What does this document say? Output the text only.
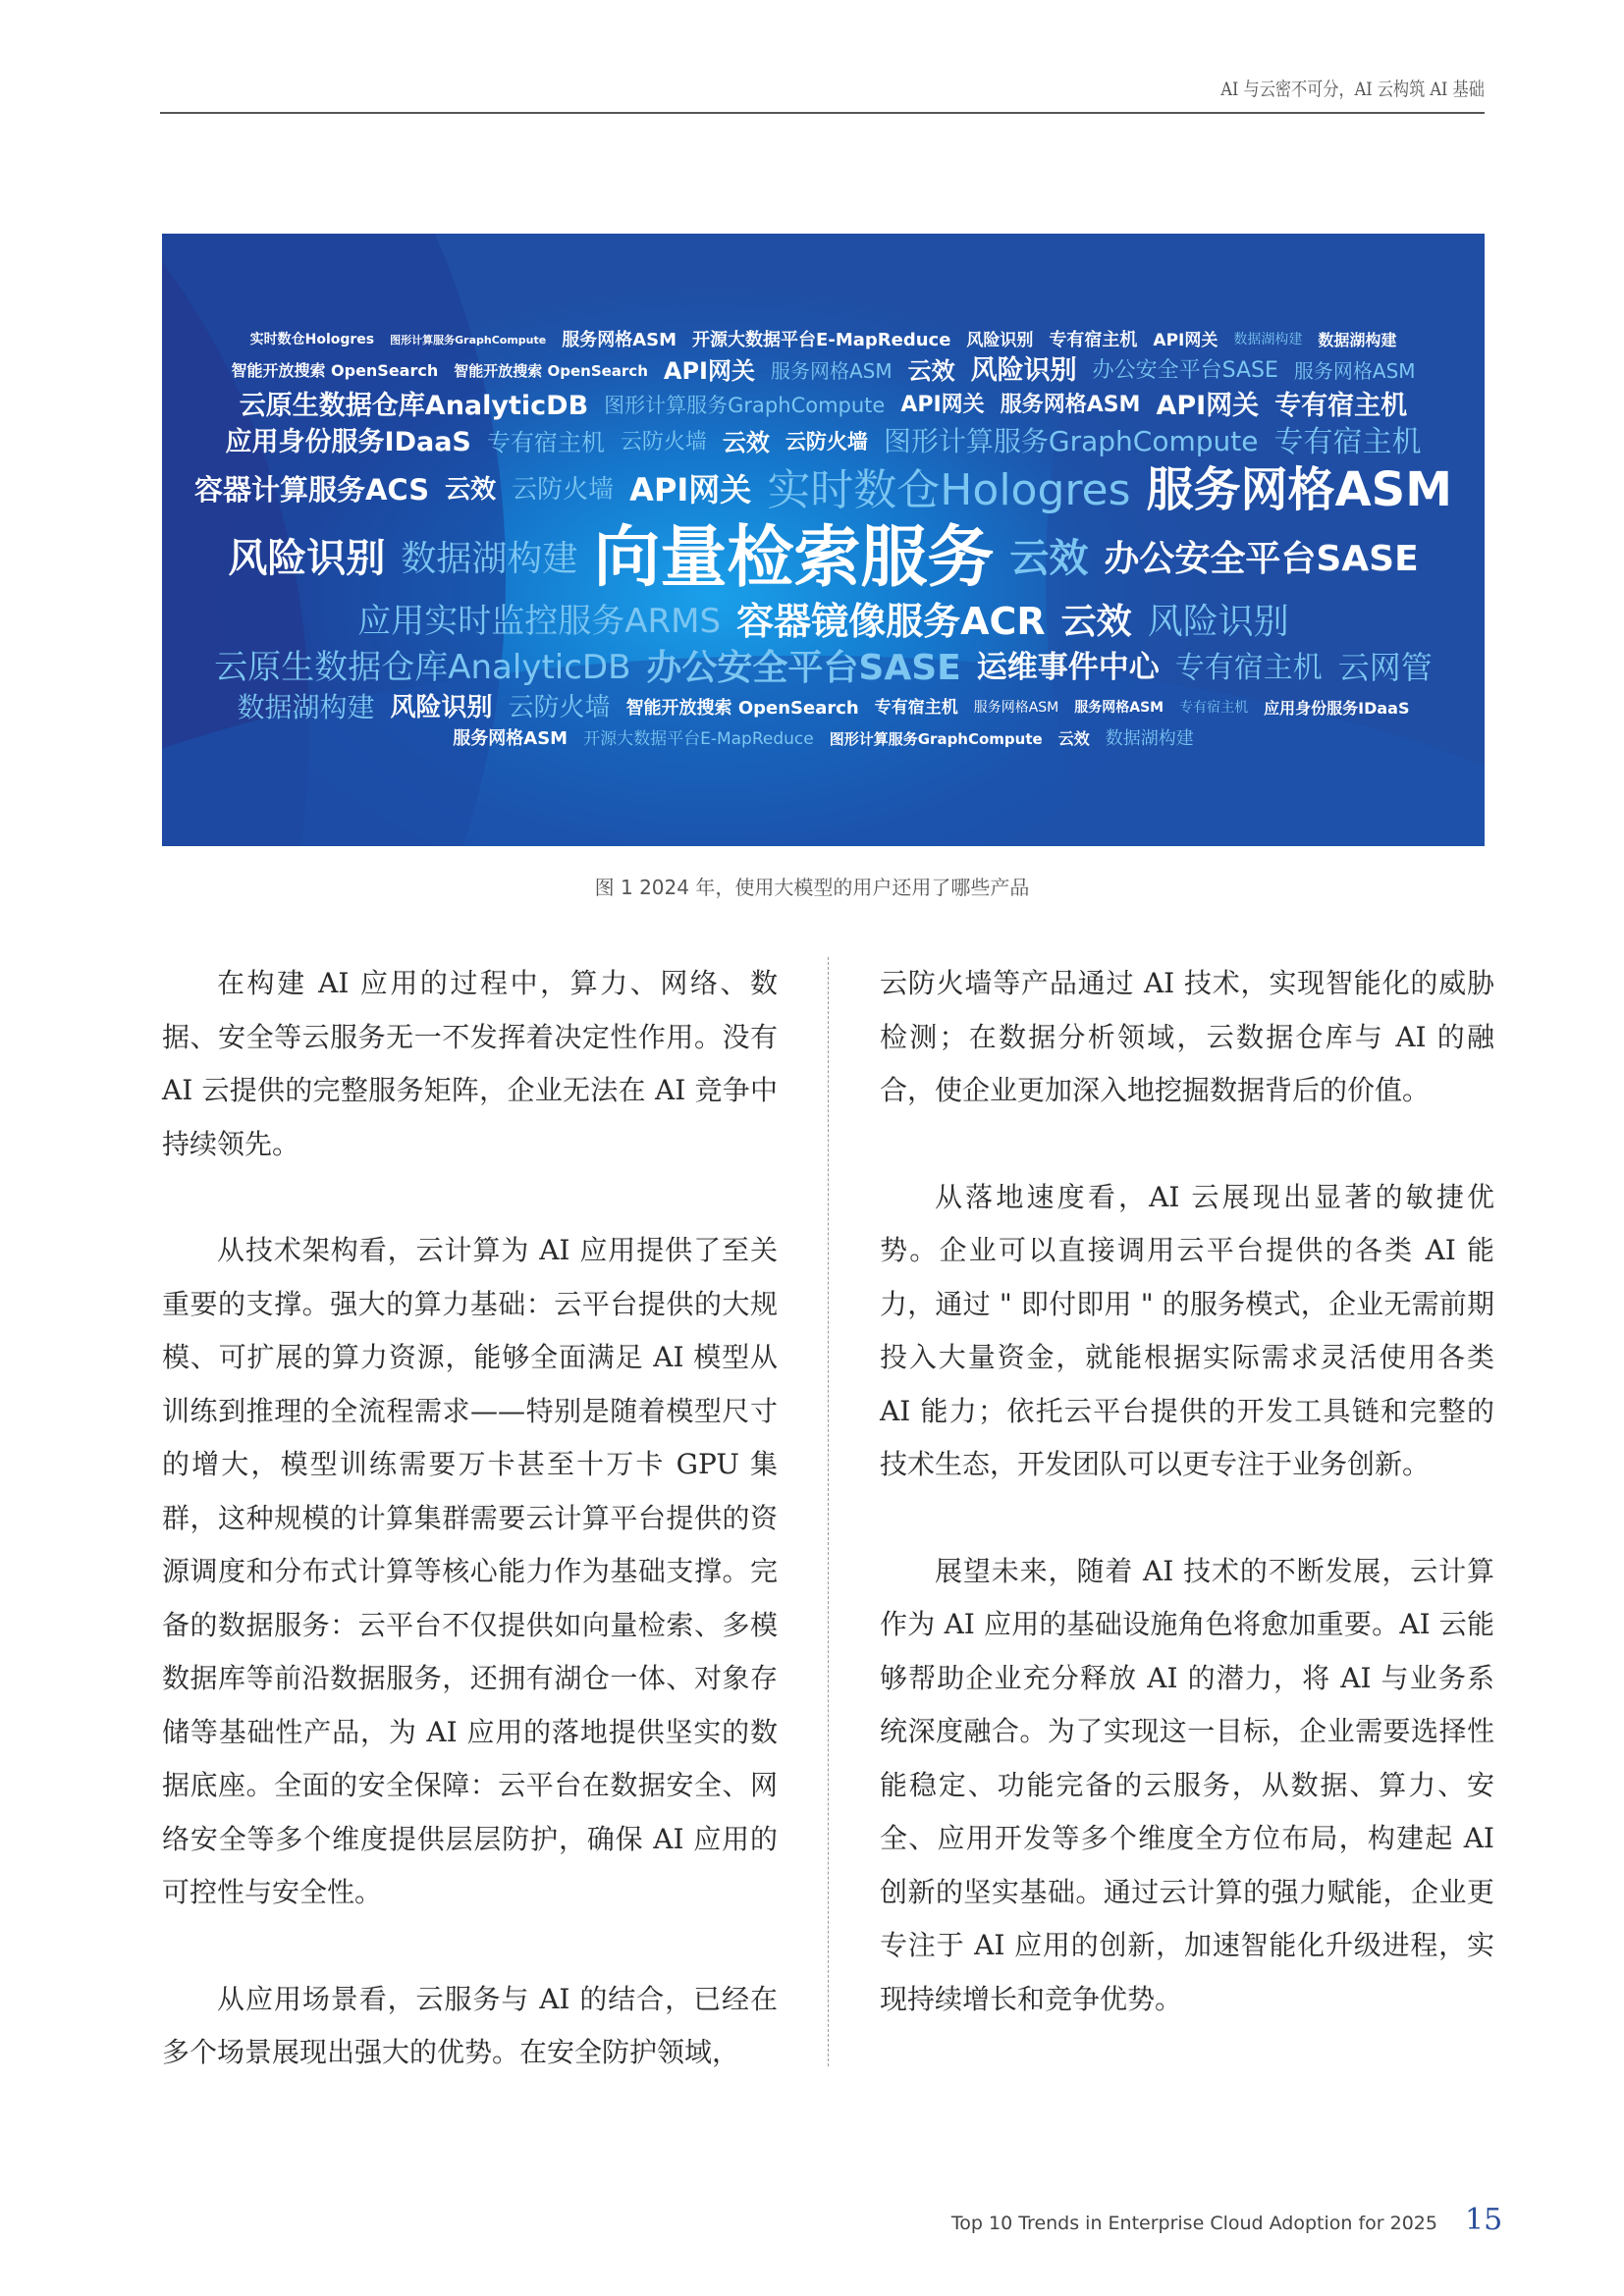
AI 与云密不可分，AI 云构筑 AI 基础
实时数仓Hologres 图形计算服务GraphCompute 服务网格ASM 开源大数据平台E-MapReduce 风险识别 专有宿主机 API网关 数据湖构建 数据湖构建
智能开放搜索 OpenSearch 智能开放搜索 OpenSearch API网关 服务网格ASM 云效 风险识别 办公安全平台SASE 服务网格ASM
云原生数据仓库AnalyticDB 图形计算服务GraphCompute API网关 服务网格ASM API网关 专有宿主机
应用身份服务IDaaS 专有宿主机 云防火墙 云效 云防火墙 图形计算服务GraphCompute 专有宿主机
容器计算服务ACS 云效 云防火墙 API网关 实时数仓Hologres 服务网格ASM
风险识别 数据湖构建 向量检索服务 云效 办公安全平台SASE
应用实时监控服务ARMS 容器镜像服务ACR 云效 风险识别
云原生数据仓库AnalyticDB 办公安全平台SASE 运维事件中心 专有宿主机 云网管
数据湖构建 风险识别 云防火墙 智能开放搜索 OpenSearch 专有宿主机 服务网格ASM 服务网格ASM 专有宿主机 应用身份服务IDaaS
服务网格ASM 开源大数据平台E-MapReduce 图形计算服务GraphCompute 云效 数据湖构建
图 1 2024 年，使用大模型的用户还用了哪些产品

在构建 AI 应用的过程中，算力、网络、数据、安全等云服务无一不发挥着决定性作用。没有 AI 云提供的完整服务矩阵，企业无法在 AI 竞争中持续领先。

从技术架构看，云计算为 AI 应用提供了至关重要的支撑。强大的算力基础：云平台提供的大规模、可扩展的算力资源，能够全面满足 AI 模型从训练到推理的全流程需求——特别是随着模型尺寸的增大，模型训练需要万卡甚至十万卡 GPU 集群，这种规模的计算集群需要云计算平台提供的资源调度和分布式计算等核心能力作为基础支撑。完备的数据服务：云平台不仅提供如向量检索、多模数据库等前沿数据服务，还拥有湖仓一体、对象存储等基础性产品，为 AI 应用的落地提供坚实的数据底座。全面的安全保障：云平台在数据安全、网络安全等多个维度提供层层防护，确保 AI 应用的可控性与安全性。

从应用场景看，云服务与 AI 的结合，已经在多个场景展现出强大的优势。在安全防护领域，

云防火墙等产品通过 AI 技术，实现智能化的威胁检测；在数据分析领域，云数据仓库与 AI 的融合，使企业更加深入地挖掘数据背后的价值。

从落地速度看，AI 云展现出显著的敏捷优势。企业可以直接调用云平台提供的各类 AI 能力，通过 " 即付即用 " 的服务模式，企业无需前期投入大量资金，就能根据实际需求灵活使用各类 AI 能力；依托云平台提供的开发工具链和完整的技术生态，开发团队可以更专注于业务创新。

展望未来，随着 AI 技术的不断发展，云计算作为 AI 应用的基础设施角色将愈加重要。AI 云能够帮助企业充分释放 AI 的潜力，将 AI 与业务系统深度融合。为了实现这一目标，企业需要选择性能稳定、功能完备的云服务，从数据、算力、安全、应用开发等多个维度全方位布局，构建起 AI 创新的坚实基础。通过云计算的强力赋能，企业更专注于 AI 应用的创新，加速智能化升级进程，实现持续增长和竞争优势。

Top 10 Trends in Enterprise Cloud Adoption for 2025 15
